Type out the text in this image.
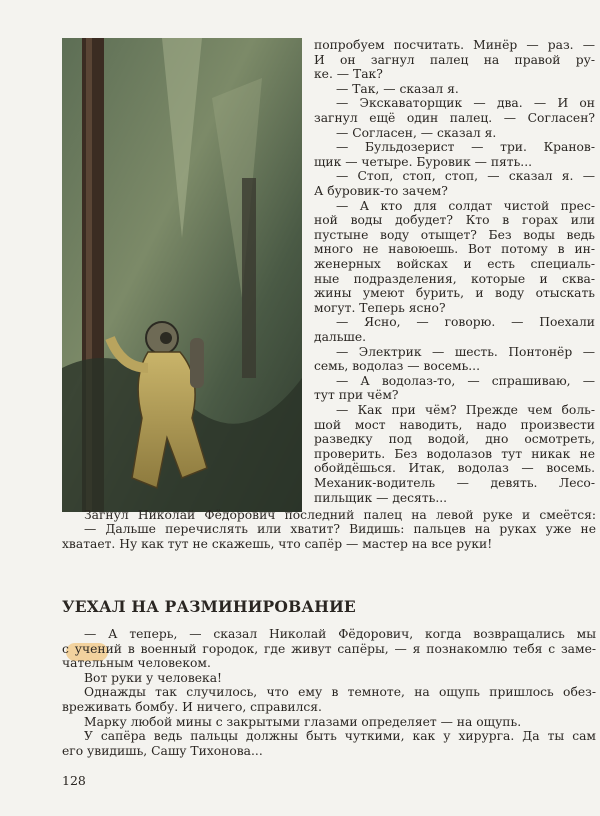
попробуем посчитать. Минёр — раз. —
И он загнул палец на правой ру-
ке. — Так?
— Так, — сказал я.
— Экскаваторщик — два. — И он
загнул ещё один палец. — Согласен?
— Согласен, — сказал я.
— Бульдозерист — три. Кранов-
щик — четыре. Буровик — пять...
— Стоп, стоп, стоп, — сказал я. —
А буровик-то зачем?
— А кто для солдат чистой прес-
ной воды добудет? Кто в горах или
пустыне воду отыщет? Без воды ведь
много не навоюешь. Вот потому в ин-
женерных войсках и есть специаль-
ные подразделения, которые и сква-
жины умеют бурить, и воду отыскать
могут. Теперь ясно?
— Ясно, — говорю. — Поехали
дальше.
— Электрик — шесть. Понтонёр —
семь, водолаз — восемь...
— А водолаз-то, — спрашиваю, —
тут при чём?
— Как при чём? Прежде чем боль-
шой мост наводить, надо произвести
разведку под водой, дно осмотреть,
проверить. Без водолазов тут никак не
обойдёшься. Итак, водолаз — восемь.
Механик-водитель — девять. Лесо-
пильщик — десять...
Загнул Николай Фёдорович последний палец на левой руке и смеётся:
— Дальше перечислять или хватит? Видишь: пальцев на руках уже не
хватает. Ну как тут не скажешь, что сапёр — мастер на все руки!
УЕХАЛ НА РАЗМИНИРОВАНИЕ
— А теперь, — сказал Николай Фёдорович, когда возвращались мы
с учений в военный городок, где живут сапёры, — я познакомлю тебя с заме-
чательным человеком.
Вот руки у человека!
Однажды так случилось, что ему в темноте, на ощупь пришлось обез-
вреживать бомбу. И ничего, справился.
Марку любой мины с закрытыми глазами определяет — на ощупь.
У сапёра ведь пальцы должны быть чуткими, как у хирурга. Да ты сам
его увидишь, Сашу Тихонова...
128
